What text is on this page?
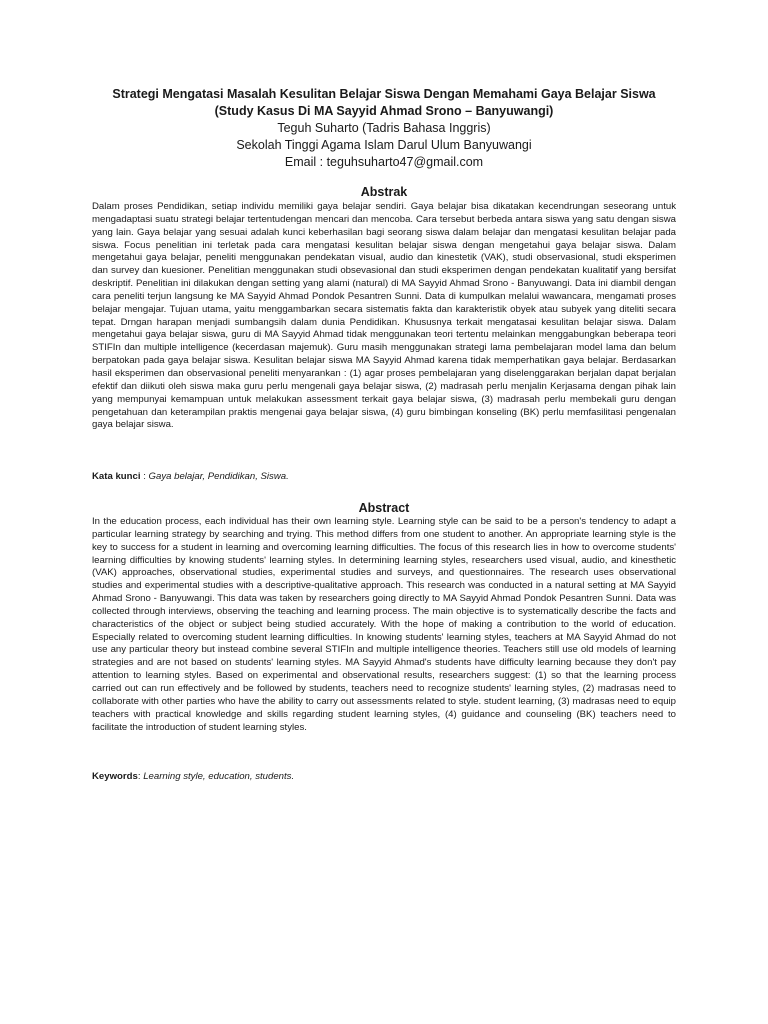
Strategi Mengatasi Masalah Kesulitan Belajar Siswa Dengan Memahami Gaya Belajar Siswa
(Study Kasus Di MA Sayyid Ahmad Srono – Banyuwangi)
Teguh Suharto (Tadris Bahasa Inggris)
Sekolah Tinggi Agama Islam Darul Ulum Banyuwangi
Email : teguhsuharto47@gmail.com
Abstrak
Dalam proses Pendidikan, setiap individu memiliki gaya belajar sendiri. Gaya belajar bisa dikatakan kecendrungan seseorang untuk mengadaptasi suatu strategi belajar tertentudengan mencari dan mencoba. Cara tersebut berbeda antara siswa yang satu dengan siswa yang lain. Gaya belajar yang sesuai adalah kunci keberhasilan bagi seorang siswa dalam belajar dan mengatasi kesulitan belajar pada siswa. Focus penelitian ini terletak pada cara mengatasi kesulitan belajar siswa dengan mengetahui gaya belajar siswa. Dalam mengetahui gaya belajar, peneliti menggunakan pendekatan visual, audio dan kinestetik (VAK), studi observasional, studi eksperimen dan survey dan kuesioner. Penelitian menggunakan studi obsevasional dan studi eksperimen dengan pendekatan kualitatif yang bersifat deskriptif. Penelitian ini dilakukan dengan setting yang alami (natural) di MA Sayyid Ahmad Srono - Banyuwangi. Data ini diambil dengan cara peneliti terjun langsung ke MA Sayyid Ahmad Pondok Pesantren Sunni. Data di kumpulkan melalui wawancara, mengamati proses belajar mengajar. Tujuan utama, yaitu menggambarkan secara sistematis fakta dan karakteristik obyek atau subyek yang diteliti secara tepat. Drngan harapan menjadi sumbangsih dalam dunia Pendidikan. Khususnya terkait mengatasai kesulitan belajar siswa. Dalam mengetahui gaya belajar siswa, guru di MA Sayyid Ahmad tidak menggunakan teori tertentu melainkan menggabungkan beberapa teori STIFIn dan multiple intelligence (kecerdasan majemuk). Guru masih menggunakan strategi lama pembelajaran model lama dan belum berpatokan pada gaya belajar siswa. Kesulitan belajar siswa MA Sayyid Ahmad karena tidak memperhatikan gaya belajar. Berdasarkan hasil eksperimen dan observasional peneliti menyarankan : (1) agar proses pembelajaran yang diselenggarakan berjalan dapat berjalan efektif dan diikuti oleh siswa maka guru perlu mengenali gaya belajar siswa, (2) madrasah perlu menjalin Kerjasama dengan pihak lain yang mempunyai kemampuan untuk melakukan assessment terkait gaya belajar siswa, (3) madrasah perlu membekali guru dengan pengetahuan dan keterampilan praktis mengenai gaya belajar siswa, (4) guru bimbingan konseling (BK) perlu memfasilitasi pengenalan gaya belajar siswa.
Kata kunci : Gaya belajar, Pendidikan, Siswa.
Abstract
In the education process, each individual has their own learning style. Learning style can be said to be a person's tendency to adapt a particular learning strategy by searching and trying. This method differs from one student to another. An appropriate learning style is the key to success for a student in learning and overcoming learning difficulties. The focus of this research lies in how to overcome students' learning difficulties by knowing students' learning styles. In determining learning styles, researchers used visual, audio, and kinesthetic (VAK) approaches, observational studies, experimental studies and surveys, and questionnaires. The research uses observational studies and experimental studies with a descriptive-qualitative approach. This research was conducted in a natural setting at MA Sayyid Ahmad Srono - Banyuwangi. This data was taken by researchers going directly to MA Sayyid Ahmad Pondok Pesantren Sunni. Data was collected through interviews, observing the teaching and learning process. The main objective is to systematically describe the facts and characteristics of the object or subject being studied accurately. With the hope of making a contribution to the world of education. Especially related to overcoming student learning difficulties. In knowing students' learning styles, teachers at MA Sayyid Ahmad do not use any particular theory but instead combine several STIFIn and multiple intelligence theories. Teachers still use old models of learning strategies and are not based on students' learning styles. MA Sayyid Ahmad's students have difficulty learning because they don't pay attention to learning styles. Based on experimental and observational results, researchers suggest: (1) so that the learning process carried out can run effectively and be followed by students, teachers need to recognize students' learning styles, (2) madrasas need to collaborate with other parties who have the ability to carry out assessments related to style. student learning, (3) madrasas need to equip teachers with practical knowledge and skills regarding student learning styles, (4) guidance and counseling (BK) teachers need to facilitate the introduction of student learning styles.
Keywords: Learning style, education, students.
